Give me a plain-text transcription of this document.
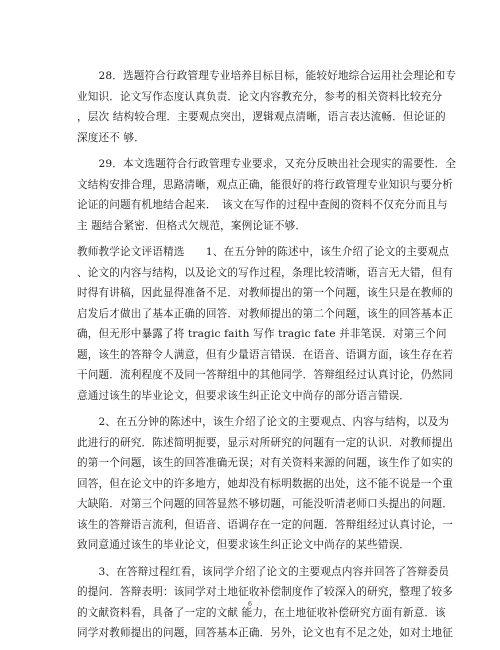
　　28．选题符合行政管理专业培养目标目标，能较好地综合运用社会理论和专
业知识．论文写作态度认真负责．论文内容教充分，参考的相关资料比较充分
，层次 结构较合理．主要观点突出，逻辑观点清晰，语言表达流畅．但论证的
深度还不 够．
　　29．本文选题符合行政管理专业要求，又充分反映出社会现实的需要性．全
文结构安排合理，思路清晰，观点正确，能很好的将行政管理专业知识与要分析
论证的问题有机地结合起来．　该文在写作的过程中查阅的资料不仅充分而且与
主 题结合紧密．但格式欠规范，案例论证不够．
教师教学论文评语精选　　1、在五分钟的陈述中，该生介绍了论文的主要观点
、论文的内容与结构，以及论文的写作过程，条理比较清晰，语言无大错，但有
时得有讲稿，因此显得准备不足．对教师提出的第一个问题，该生只是在教师的
启发后才做出了基本正确的回答．对教师提出的第二个问题，该生的回答基本正
确，但无形中暴露了将 tragic faith 写作 tragic fate 并非笔误．对第三个问
题，该生的答辩令人满意，但有少量语言错误．在语音、语调方面，该生存在若
干问题．流利程度不及同一答辩组中的其他同学．答辩组经过认真讨论，仍然同
意通过该生的毕业论文，但要求该生纠正论文中尚存的部分语言错误．
　　2、在五分钟的陈述中，该生介绍了论文的主要观点、内容与结构，以及为
此进行的研究．陈述简明扼要，显示对所研究的问题有一定的认识．对教师提出
的第一个问题，该生的回答准确无误；对有关资料来源的问题，该生作了如实的
回答，但在论文中的许多地方，她却没有标明数据的出处，这不能不说是一个重
大缺陷．对第三个问题的回答显然不够切题，可能没听清老师口头提出的问题．
该生的答辩语言流利，但语音、语调存在一定的问题．答辩组经过认真讨论，一
致同意通过该生的毕业论文，但要求该生纠正论文中尚存的某些错误．
　　3、在答辩过程红看，该同学介绍了论文的主要观点内容并回答了答辩委员
的提问．答辩表明：该同学对土地征收补偿制度作了较深入的研究，整理了较多
的文献资料看，具备了一定的文献 能力，在土地征收补偿研究方面有新意．该
同学对教师提出的问题，回答基本正确．另外，论文也有不足之处，如对土地征
6
